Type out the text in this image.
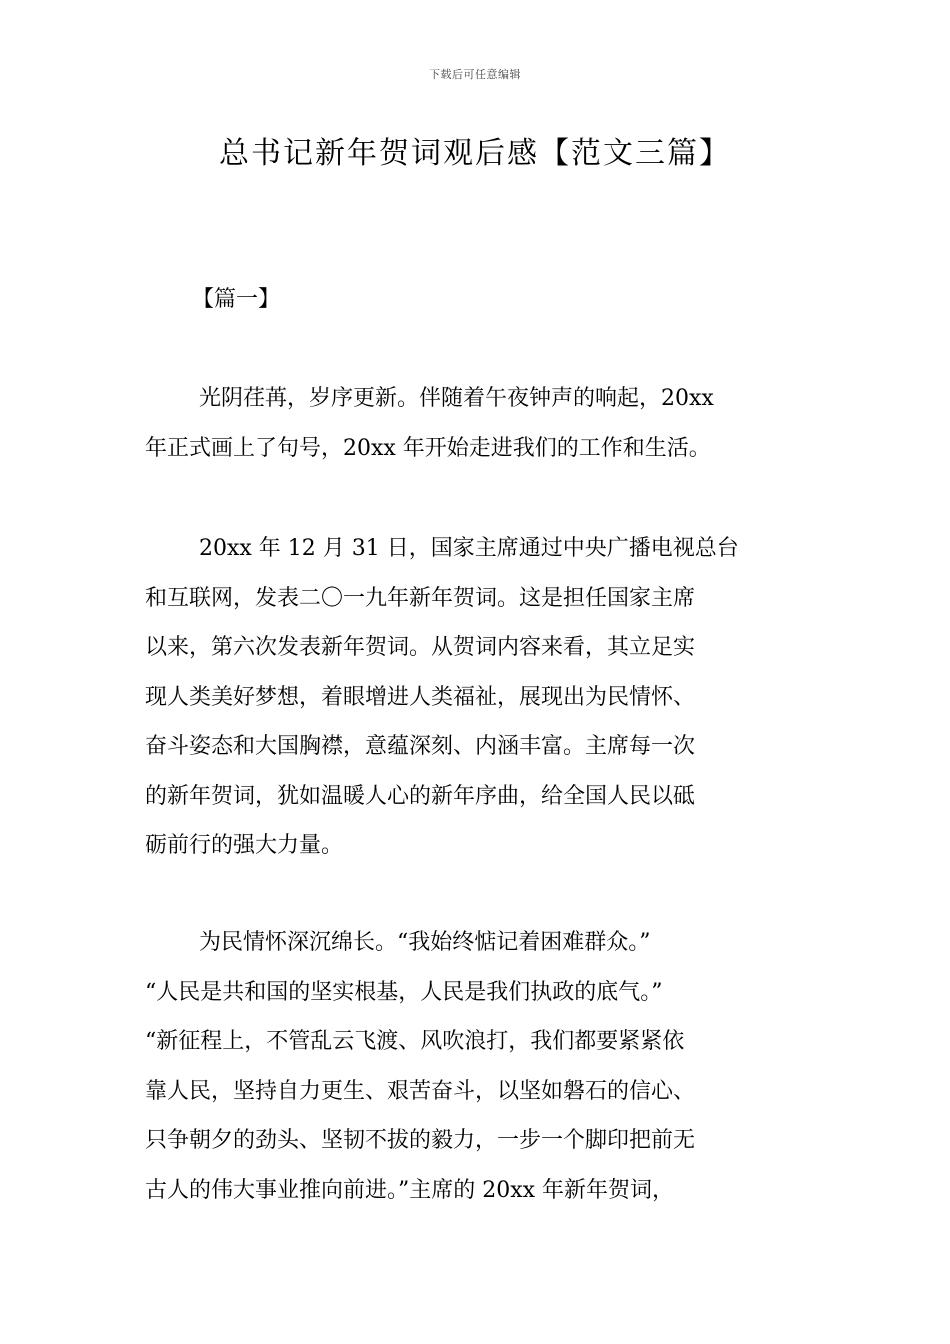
下载后可任意编辑
总书记新年贺词观后感【范文三篇】
【篇一】
光阴荏苒，岁序更新。伴随着午夜钟声的响起，20xx
年正式画上了句号，20xx 年开始走进我们的工作和生活。
20xx 年 12 月 31 日，国家主席通过中央广播电视总台
和互联网，发表二〇一九年新年贺词。这是担任国家主席
以来，第六次发表新年贺词。从贺词内容来看，其立足实
现人类美好梦想，着眼增进人类福祉，展现出为民情怀、
奋斗姿态和大国胸襟，意蕴深刻、内涵丰富。主席每一次
的新年贺词，犹如温暖人心的新年序曲，给全国人民以砥
砺前行的强大力量。
为民情怀深沉绵长。“我始终惦记着困难群众。”
“人民是共和国的坚实根基，人民是我们执政的底气。”
“新征程上，不管乱云飞渡、风吹浪打，我们都要紧紧依
靠人民，坚持自力更生、艰苦奋斗，以坚如磐石的信心、
只争朝夕的劲头、坚韧不拔的毅力，一步一个脚印把前无
古人的伟大事业推向前进。”主席的 20xx 年新年贺词，
